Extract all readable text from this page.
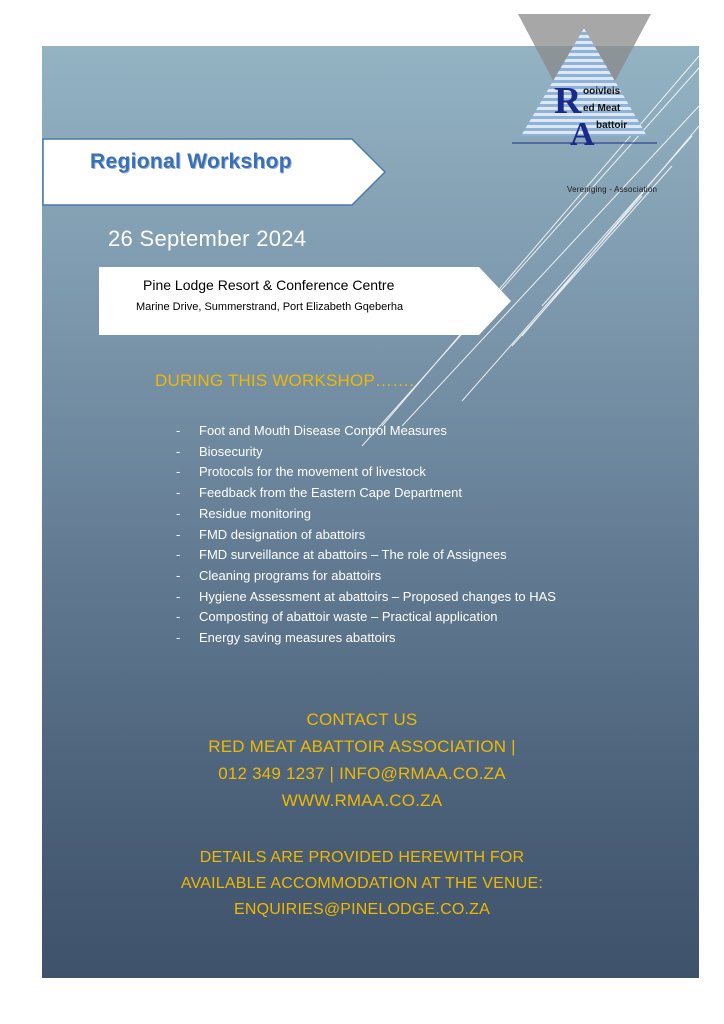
R
A
ooivleis
ed Meat
battoir
Vereniging - Association
Regional Workshop
26 September 2024
Pine Lodge Resort & Conference Centre
Marine Drive, Summerstrand, Port Elizabeth Gqeberha
DURING THIS WORKSHOP…….
- Foot and Mouth Disease Control Measures
- Biosecurity
- Protocols for the movement of livestock
- Feedback from the Eastern Cape Department
- Residue monitoring
- FMD designation of abattoirs
- FMD surveillance at abattoirs – The role of Assignees
- Cleaning programs for abattoirs
- Hygiene Assessment at abattoirs – Proposed changes to HAS
- Composting of abattoir waste – Practical application
- Energy saving measures abattoirs
CONTACT US
RED MEAT ABATTOIR ASSOCIATION |
012 349 1237 | INFO@RMAA.CO.ZA
WWW.RMAA.CO.ZA
DETAILS ARE PROVIDED HEREWITH FOR
AVAILABLE ACCOMMODATION AT THE VENUE:
ENQUIRIES@PINELODGE.CO.ZA
